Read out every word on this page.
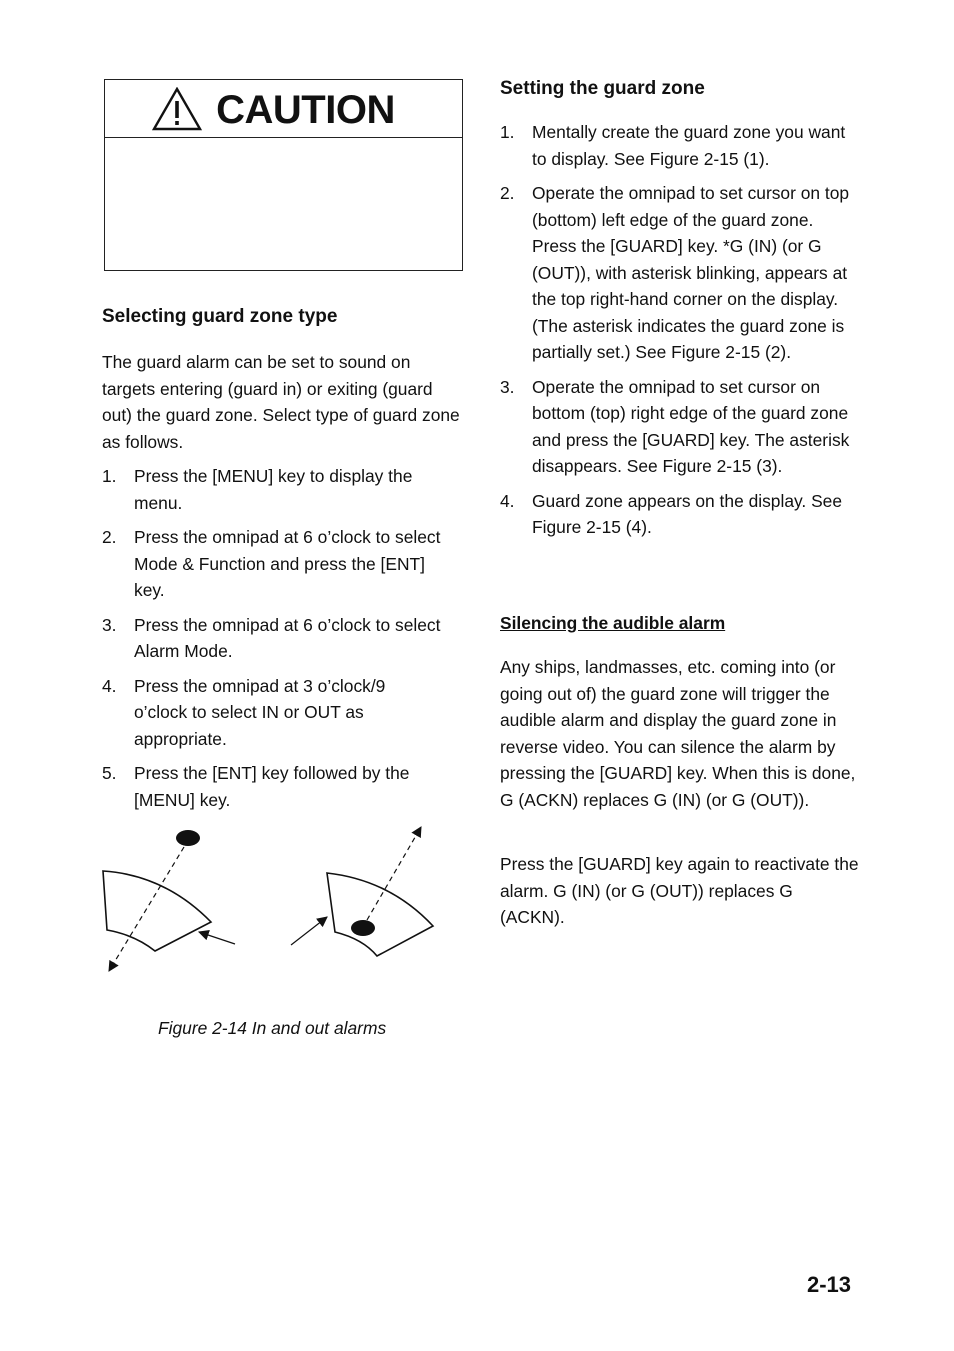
CAUTION
Selecting guard zone type

The guard alarm can be set to sound on targets entering (guard in) or exiting (guard out) the guard zone. Select type of guard zone as follows.

1. Press the [MENU] key to display the menu.
2. Press the omnipad at 6 o’clock to select Mode & Function and press the [ENT] key.
3. Press the omnipad at 6 o’clock to select Alarm Mode.
4. Press the omnipad at 3 o’clock/9 o’clock to select IN or OUT as appropriate.
5. Press the [ENT] key followed by the [MENU] key.

Figure 2-14 In and out alarms

Setting the guard zone
1. Mentally create the guard zone you want to display. See Figure 2-15 (1).
2. Operate the omnipad to set cursor on top (bottom) left edge of the guard zone. Press the [GUARD] key. *G (IN) (or G (OUT)), with asterisk blinking, appears at the top right-hand corner on the display. (The asterisk indicates the guard zone is partially set.) See Figure 2-15 (2).
3. Operate the omnipad to set cursor on bottom (top) right edge of the guard zone and press the [GUARD] key. The asterisk disappears. See Figure 2-15 (3).
4. Guard zone appears on the display. See Figure 2-15 (4).

Silencing the audible alarm

Any ships, landmasses, etc. coming into (or going out of) the guard zone will trigger the audible alarm and display the guard zone in reverse video. You can silence the alarm by pressing the [GUARD] key. When this is done, G (ACKN) replaces G (IN) (or G (OUT)).

Press the [GUARD] key again to reactivate the alarm. G (IN) (or G (OUT)) replaces G (ACKN).

2-13
